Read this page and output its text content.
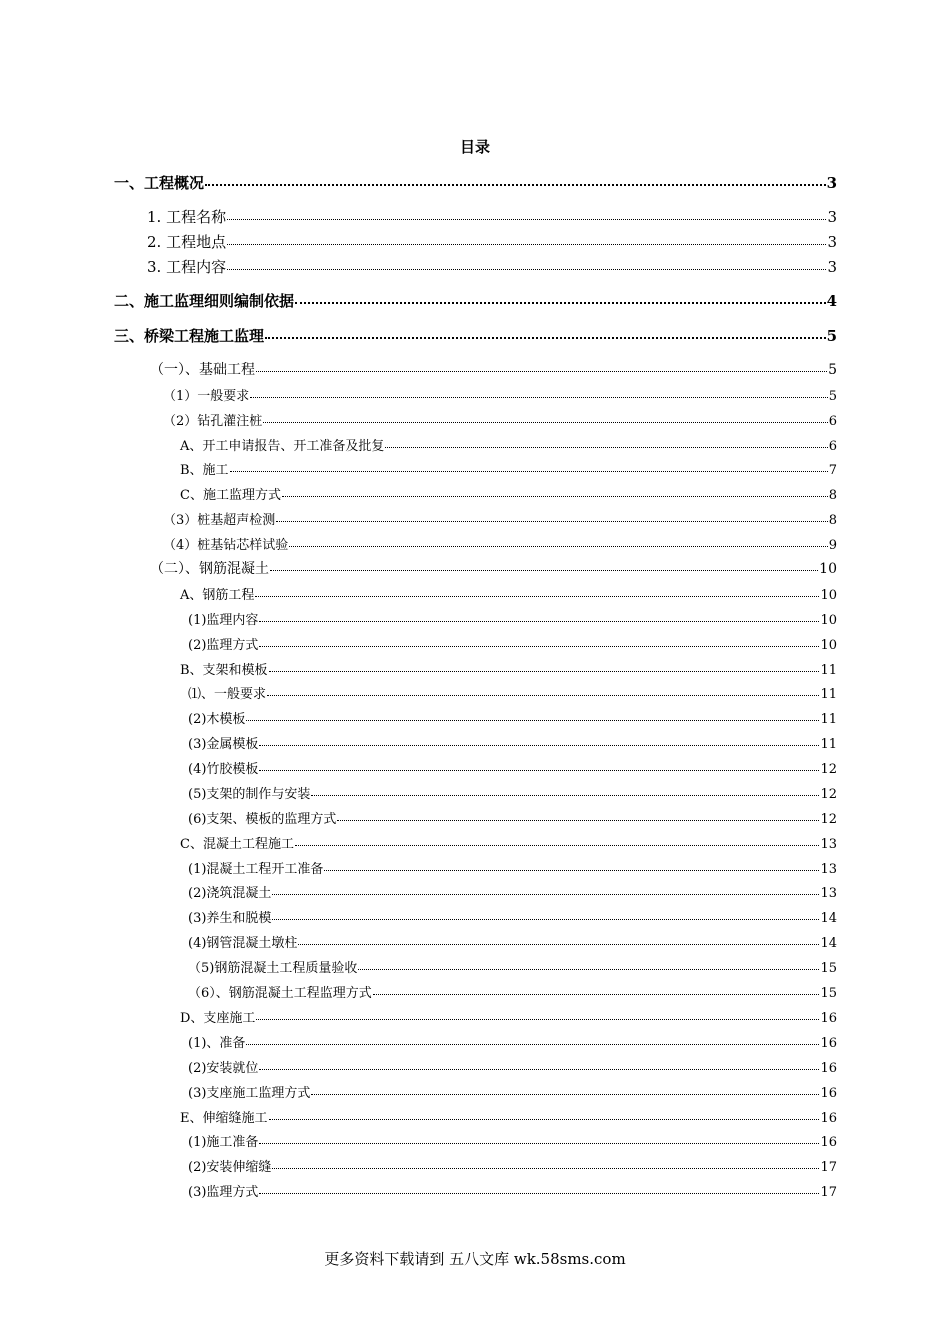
目录
一、工程概况	3
1. 工程名称	3
2. 工程地点	3
3. 工程内容	3
二、施工监理细则编制依据	4
三、桥梁工程施工监理	5
（一）、基础工程	5
（1）一般要求	5
（2）钻孔灌注桩	6
A、开工申请报告、开工准备及批复	6
B、施工	7
C、施工监理方式	8
（3）桩基超声检测	8
（4）桩基钻芯样试验	9
（二）、钢筋混凝土	10
A、钢筋工程	10
(1)监理内容	10
(2)监理方式	10
B、支架和模板	11
⑴、一般要求	11
(2)木模板	11
(3)金属模板	11
(4)竹胶模板	12
(5)支架的制作与安装	12
(6)支架、模板的监理方式	12
C、混凝土工程施工	13
(1)混凝土工程开工准备	13
(2)浇筑混凝土	13
(3)养生和脱模	14
(4)钢管混凝土墩柱	14
（5)钢筋混凝土工程质量验收	15
（6）、钢筋混凝土工程监理方式	15
D、支座施工	16
(1)、准备	16
(2)安装就位	16
(3)支座施工监理方式	16
E、伸缩缝施工	16
(1)施工准备	16
(2)安装伸缩缝	17
(3)监理方式	17
更多资料下载请到 五八文库 wk.58sms.com
